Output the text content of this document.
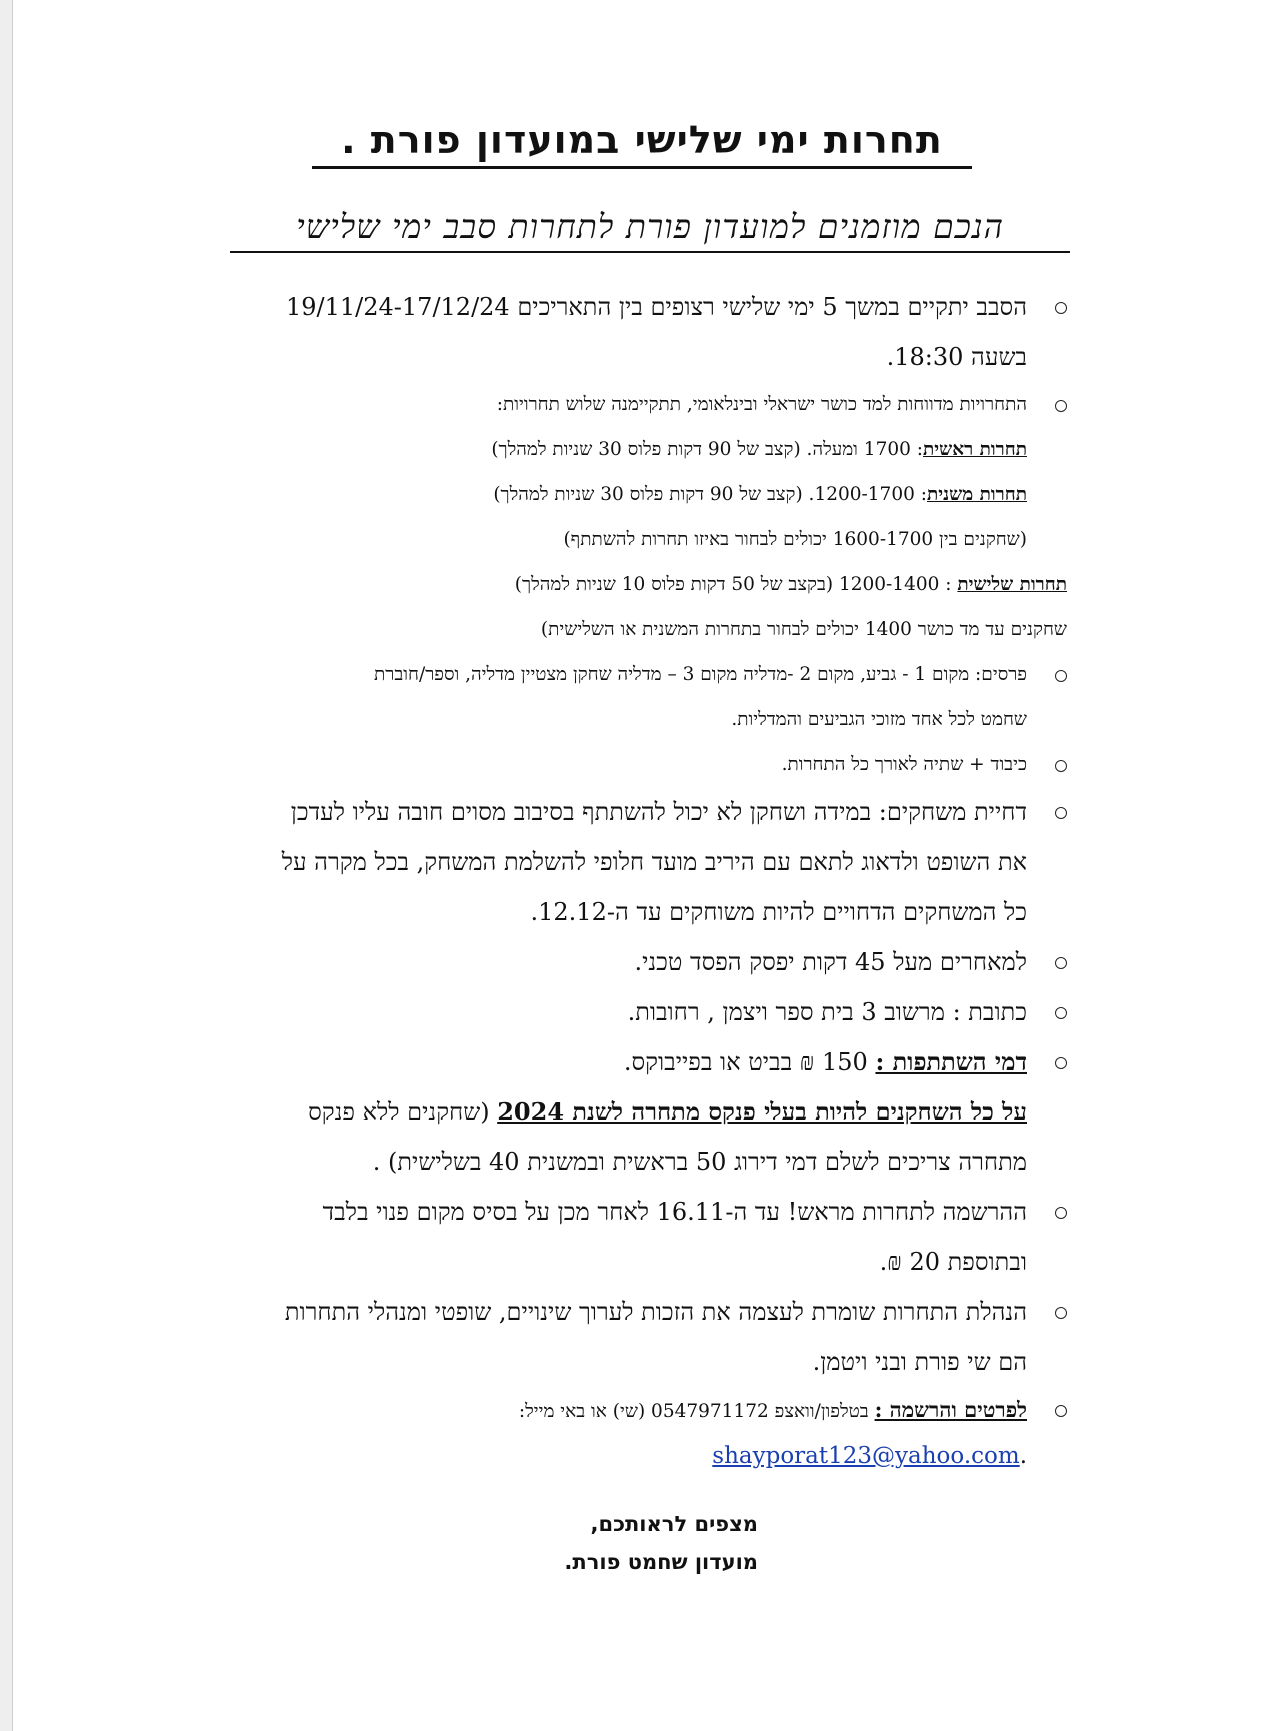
תחרות ימי שלישי במועדון פורת .
הנכם מוזמנים למועדון פורת לתחרות סבב ימי שלישי
הסבב יתקיים במשך 5 ימי שלישי רצופים בין התאריכים 19/11/24-17/12/24
בשעה 18:30.
התחרויות מדווחות למד כושר ישראלי ובינלאומי, תתקיימנה שלוש תחרויות:
תחרות ראשית: 1700 ומעלה. (קצב של 90 דקות פלוס 30 שניות למהלך)
תחרות משנית: 1200-1700. (קצב של 90 דקות פלוס 30 שניות למהלך)
(שחקנים בין 1600-1700 יכולים לבחור באיזו תחרות להשתתף)
תחרות שלישית : 1200-1400 (בקצב של 50 דקות פלוס 10 שניות למהלך)
שחקנים עד מד כושר 1400 יכולים לבחור בתחרות המשנית או השלישית)
פרסים: מקום 1 - גביע, מקום 2 -מדליה מקום 3 – מדליה שחקן מצטיין מדליה, וספר/חוברת
שחמט לכל אחד מזוכי הגביעים והמדליות.
כיבוד + שתיה לאורך כל התחרות.
דחיית משחקים: במידה ושחקן לא יכול להשתתף בסיבוב מסוים חובה עליו לעדכן
את השופט ולדאוג לתאם עם היריב מועד חלופי להשלמת המשחק, בכל מקרה על
כל המשחקים הדחויים להיות משוחקים עד ה-12.12.
למאחרים מעל 45 דקות יפסק הפסד טכני.
כתובת : מרשוב 3 בית ספר ויצמן , רחובות.
דמי השתתפות : 150 ₪ בביט או בפייבוקס.
על כל השחקנים להיות בעלי פנקס מתחרה לשנת 2024 (שחקנים ללא פנקס
מתחרה צריכים לשלם דמי דירוג 50 בראשית ובמשנית 40 בשלישית) .
ההרשמה לתחרות מראש! עד ה-16.11 לאחר מכן על בסיס מקום פנוי בלבד
ובתוספת 20 ₪.
הנהלת התחרות שומרת לעצמה את הזכות לערוך שינויים, שופטי ומנהלי התחרות
הם שי פורת ובני ויטמן.
לפרטים והרשמה : בטלפון/וואצפ 0547971172 (שי) או באי מייל:
.shayporat123@yahoo.com
מצפים לראותכם,
מועדון שחמט פורת.
